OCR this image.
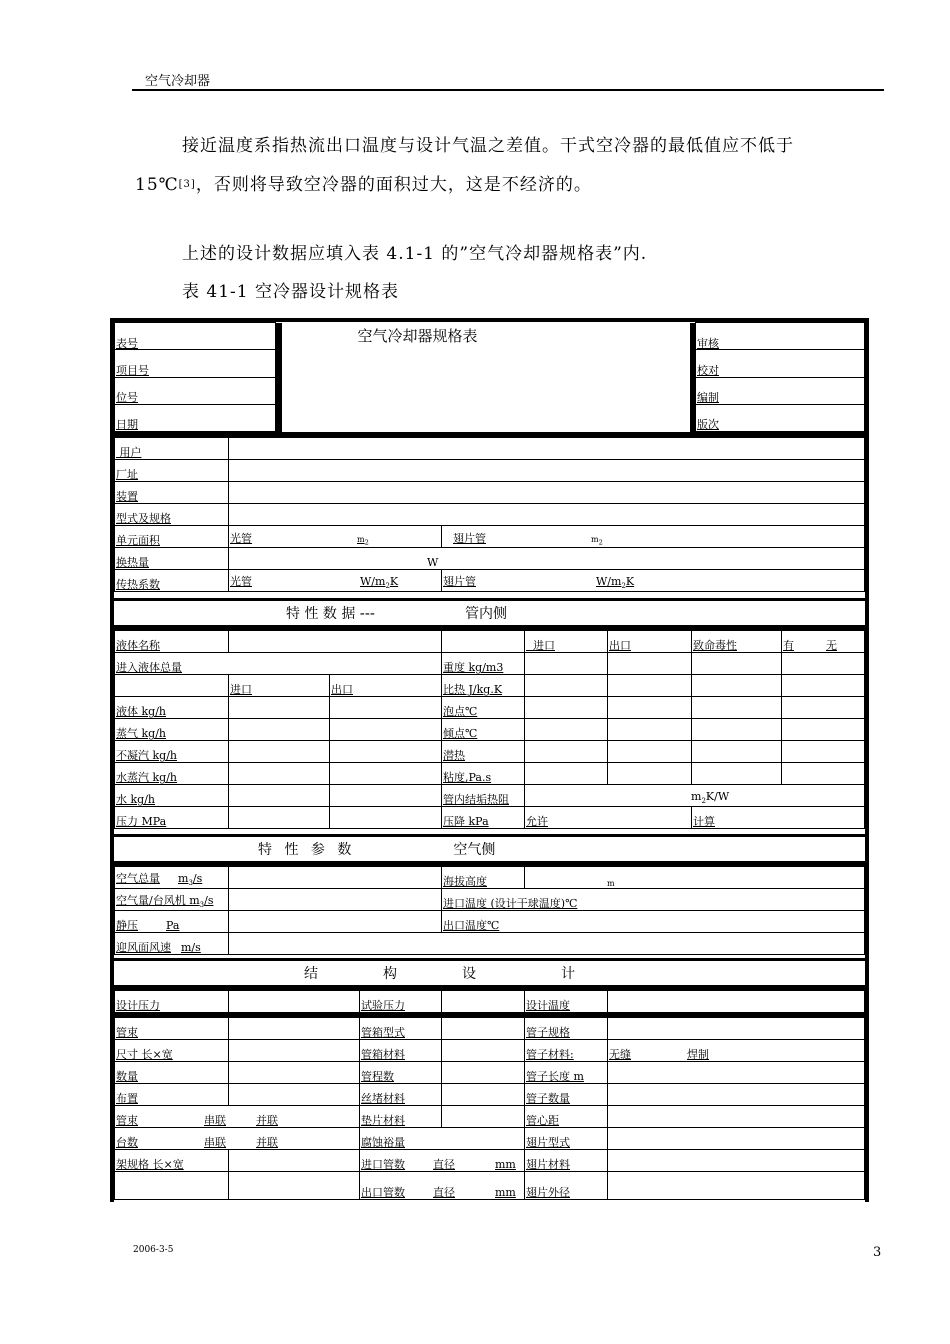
空气冷却器
接近温度系指热流出口温度与设计气温之差值。干式空冷器的最低值应不低于
15℃[3]，否则将导致空冷器的面积过大，这是不经济的。
上述的设计数据应填入表 4.1-1 的”空气冷却器规格表”内.
表 41-1 空冷器设计规格表
表号		空气冷却器规格表		审核
项目号				校对
位号				编制
日期				版次
用户		
厂址		
装置		
型式及规格		
单元面积	光管 $m_2$	翅片管 $m_2$
换热量	W	
传热系数	光管 $W/m_2K$	翅片管 $W/m_2K$
特 性 数 据 ---	管内侧
液体名称				进口	出口	致命毒性	有 无
进入液体总量			重度 kg/m3				
	进口	出口	比热 J/kg.K				
液体 kg/h			泡点℃				
蒸气 kg/h			倾点℃				
不凝汽 kg/h			潜热				
水蒸汽 kg/h			粘度,Pa.s				
水 kg/h			管内结垢热阻	$m_2K/W$			
压力 MPa			压降 kPa	允许		计算	
特 性 参 数	空气侧
空气总量 $m_3/s$		海拔高度	m
空气量/台风机 $m_3/s$		进口温度 (设计干球温度)℃	
静压 Pa		出口温度℃	
迎风面风速 m/s			
结	构	设	计
设计压力		试验压力		设计温度	
管束		管箱型式		管子规格	
尺寸 长×宽		管箱材料		管子材料:	无缝 焊制
数量		管程数		管子长度 m	
布置		丝堵材料		管子数量	
管束 串联 并联		垫片材料		管心距	
台数 串联 并联		腐蚀裕量		翅片型式	
架规格 长×宽		进口管数 直径 mm		翅片材料	
		出口管数 直径 mm		翅片外径	
2006-3-5	3
